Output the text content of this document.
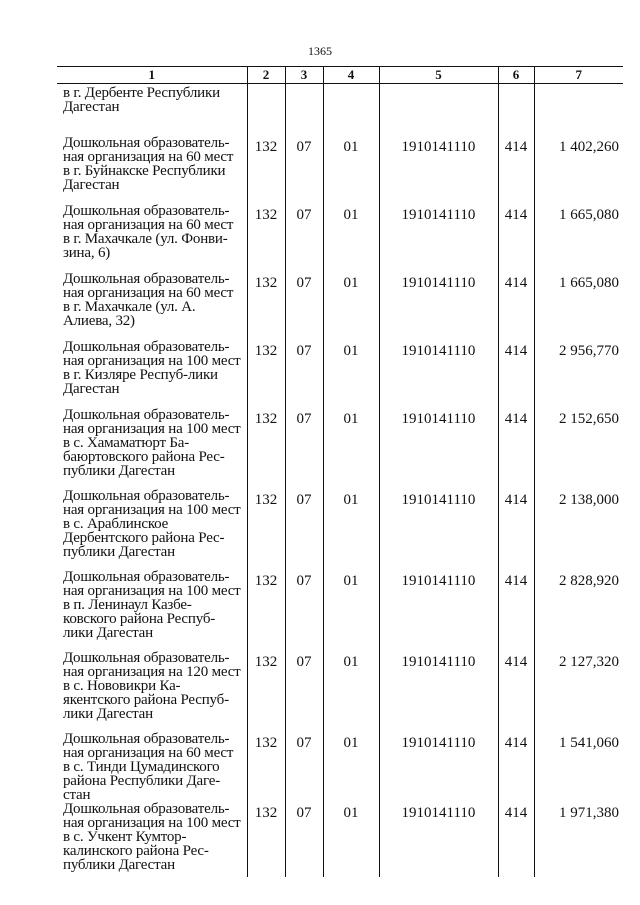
1365
1	2	3	4	5	6	7
в г. Дербенте Республики Дагестан						
Дошкольная образователь-ная организация на 60 мест в г. Буйнакске Республики Дагестан	132	07	01	1910141110	414	1 402,260
Дошкольная образователь-ная организация на 60 мест в г. Махачкале (ул. Фонви-зина, 6)	132	07	01	1910141110	414	1 665,080
Дошкольная образователь-ная организация на 60 мест в г. Махачкале (ул. А. Алиева, 32)	132	07	01	1910141110	414	1 665,080
Дошкольная образователь-ная организация на 100 мест в г. Кизляре Респуб-лики Дагестан	132	07	01	1910141110	414	2 956,770
Дошкольная образователь-ная организация на 100 мест в с. Хамаматюрт Ба-баюртовского района Рес-публики Дагестан	132	07	01	1910141110	414	2 152,650
Дошкольная образователь-ная организация на 100 мест в с. Араблинское Дербентского района Рес-публики Дагестан	132	07	01	1910141110	414	2 138,000
Дошкольная образователь-ная организация на 100 мест в п. Ленинаул Казбе-ковского района Респуб-лики Дагестан	132	07	01	1910141110	414	2 828,920
Дошкольная образователь-ная организация на 120 мест в с. Нововикри Ка-якентского района Респуб-лики Дагестан	132	07	01	1910141110	414	2 127,320
Дошкольная образователь-ная организация на 60 мест в с. Тинди Цумадинского района Республики Даге-стан	132	07	01	1910141110	414	1 541,060
Дошкольная образователь-ная организация на 100 мест в с. Учкент Кумтор-калинского района Рес-публики Дагестан	132	07	01	1910141110	414	1 971,380
